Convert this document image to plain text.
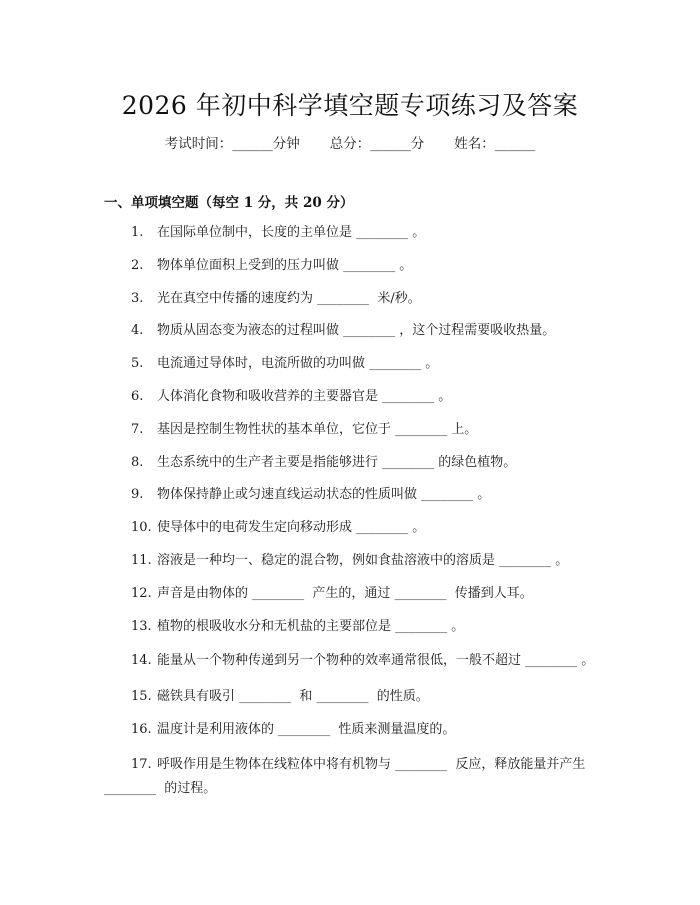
2026 年初中科学填空题专项练习及答案
考试时间：______分钟 总分：______分 姓名：______
一、单项填空题（每空 1 分，共 20 分）
1. 在国际单位制中，长度的主单位是 ________ 。
2. 物体单位面积上受到的压力叫做 ________ 。
3. 光在真空中传播的速度约为 ________  米/秒。
4. 物质从固态变为液态的过程叫做 ________ ，这个过程需要吸收热量。
5. 电流通过导体时，电流所做的功叫做 ________ 。
6. 人体消化食物和吸收营养的主要器官是 ________ 。
7. 基因是控制生物性状的基本单位，它位于 ________ 上。
8. 生态系统中的生产者主要是指能够进行 ________ 的绿色植物。
9. 物体保持静止或匀速直线运动状态的性质叫做 ________ 。
10. 使导体中的电荷发生定向移动形成 ________ 。
11. 溶液是一种均一、稳定的混合物，例如食盐溶液中的溶质是 ________ 。
12. 声音是由物体的 ________  产生的，通过 ________  传播到人耳。
13. 植物的根吸收水分和无机盐的主要部位是 ________ 。
14. 能量从一个物种传递到另一个物种的效率通常很低，一般不超过 ________ 。
15. 磁铁具有吸引 ________  和 ________  的性质。
16. 温度计是利用液体的 ________  性质来测量温度的。
17. 呼吸作用是生物体在线粒体中将有机物与 ________  反应，释放能量并产生 ________  的过程。
